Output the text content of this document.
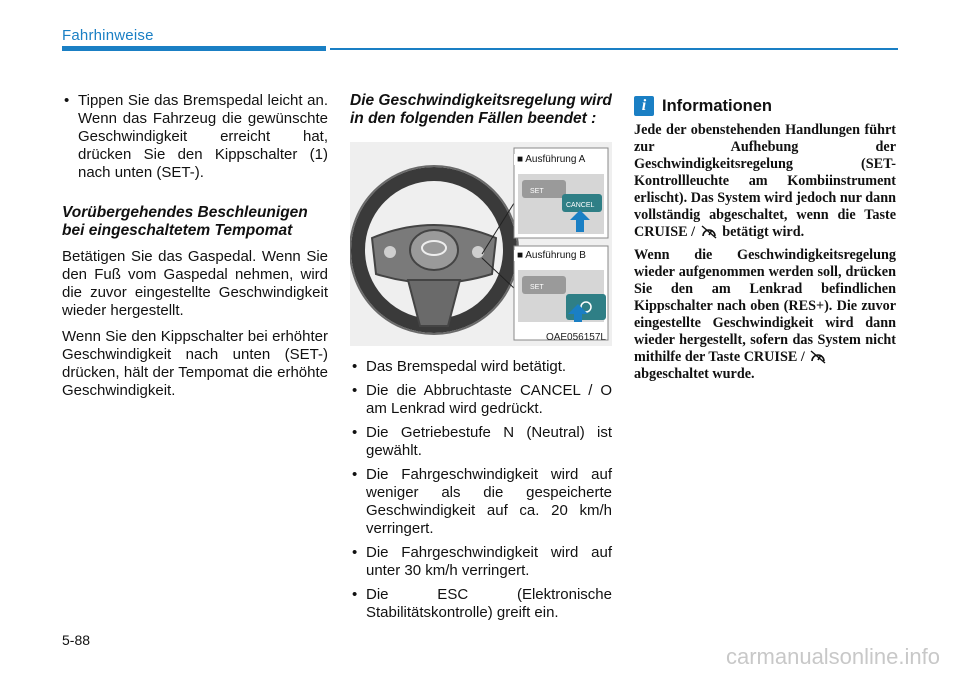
Fahrhinweise
• Tippen Sie das Bremspedal leicht an. Wenn das Fahrzeug die gewünschte Geschwindigkeit erreicht hat, drücken Sie den Kippschalter (1) nach unten (SET-).
Vorübergehendes Beschleunigen bei eingeschaltetem Tempomat

Betätigen Sie das Gaspedal. Wenn Sie den Fuß vom Gaspedal nehmen, wird die zuvor eingestellte Geschwindigkeit wieder hergestellt.

Wenn Sie den Kippschalter bei erhöhter Geschwindigkeit nach unten (SET-) drücken, hält der Tempomat die erhöhte Geschwindigkeit.

Die Geschwindigkeitsregelung wird in den folgenden Fällen beendet :
SET
CANCEL
SET
■ Ausführung A
■ Ausführung B
OAE056157L
• Das Bremspedal wird betätigt.
• Die die Abbruchtaste CANCEL / O am Lenkrad wird gedrückt.
• Die Getriebestufe N (Neutral) ist gewählt.
• Die Fahrgeschwindigkeit wird auf weniger als die gespeicherte Geschwindigkeit auf ca. 20 km/h verringert.
• Die Fahrgeschwindigkeit wird auf unter 30 km/h verringert.
• Die ESC (Elektronische Stabilitätskontrolle) greift ein.
i Informationen

Jede der obenstehenden Handlungen führt zur Aufhebung der Geschwindigkeitsregelung (SET-Kontrollleuchte am Kombiinstrument erlischt). Das System wird jedoch nur dann vollständig abgeschaltet, wenn die Taste CRUISE / betätigt wird.

Wenn die Geschwindigkeitsregelung wieder aufgenommen werden soll, drücken Sie den am Lenkrad befindlichen Kippschalter nach oben (RES+). Die zuvor eingestellte Geschwindigkeit wird dann wieder hergestellt, sofern das System nicht mithilfe der Taste CRUISE /
abgeschaltet wurde.

5-88
carmanualsonline.info
